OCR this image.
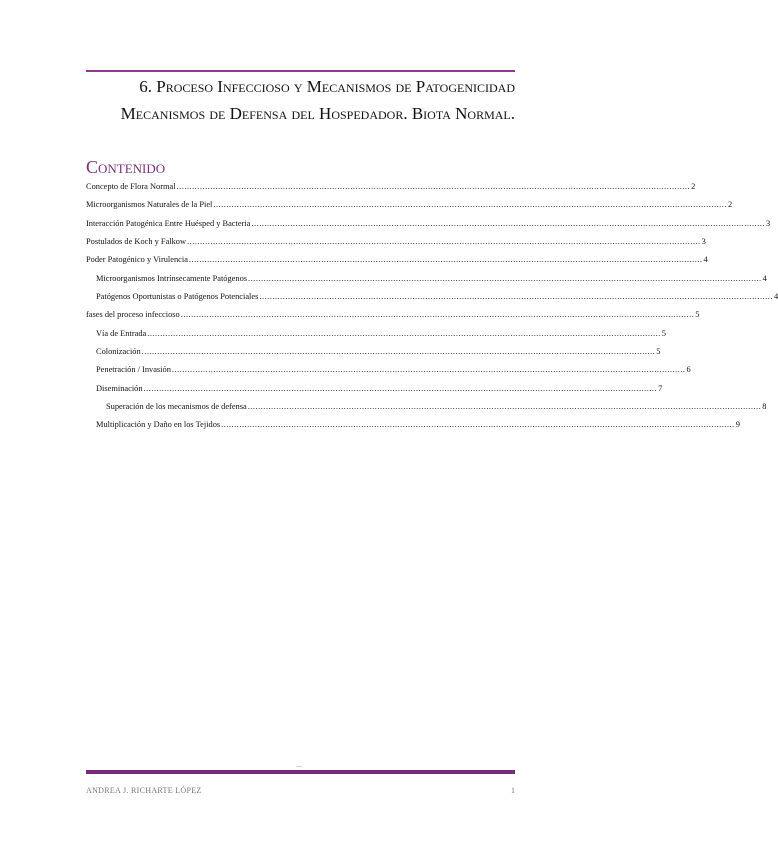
6. Proceso Infeccioso y Mecanismos de Patogenicidad
Mecanismos de Defensa del Hospedador. Biota Normal.
Contenido
Concepto de Flora Normal ...................................................................................................................................................................................................... 2
Microorganismos Naturales de la Piel ...................................................................................................................................................................................................... 2
Interacción Patogénica Entre Huésped y Bacteria ...................................................................................................................................................................................................... 3
Postulados de Koch y Falkow ...................................................................................................................................................................................................... 3
Poder Patogénico y Virulencia ...................................................................................................................................................................................................... 4
Microorganismos Intrínsecamente Patógenos ...................................................................................................................................................................................................... 4
Patógenos Oportunistas o Patógenos Potenciales ...................................................................................................................................................................................................... 4
fases del proceso infeccioso ...................................................................................................................................................................................................... 5
Vía de Entrada ...................................................................................................................................................................................................... 5
Colonización ...................................................................................................................................................................................................... 5
Penetración / Invasión ...................................................................................................................................................................................................... 6
Diseminación ...................................................................................................................................................................................................... 7
Superación de los mecanismos de defensa ...................................................................................................................................................................................................... 8
Multiplicación y Daño en los Tejidos ...................................................................................................................................................................................................... 9
---
ANDREA J. RICHARTE LÓPEZ	1
